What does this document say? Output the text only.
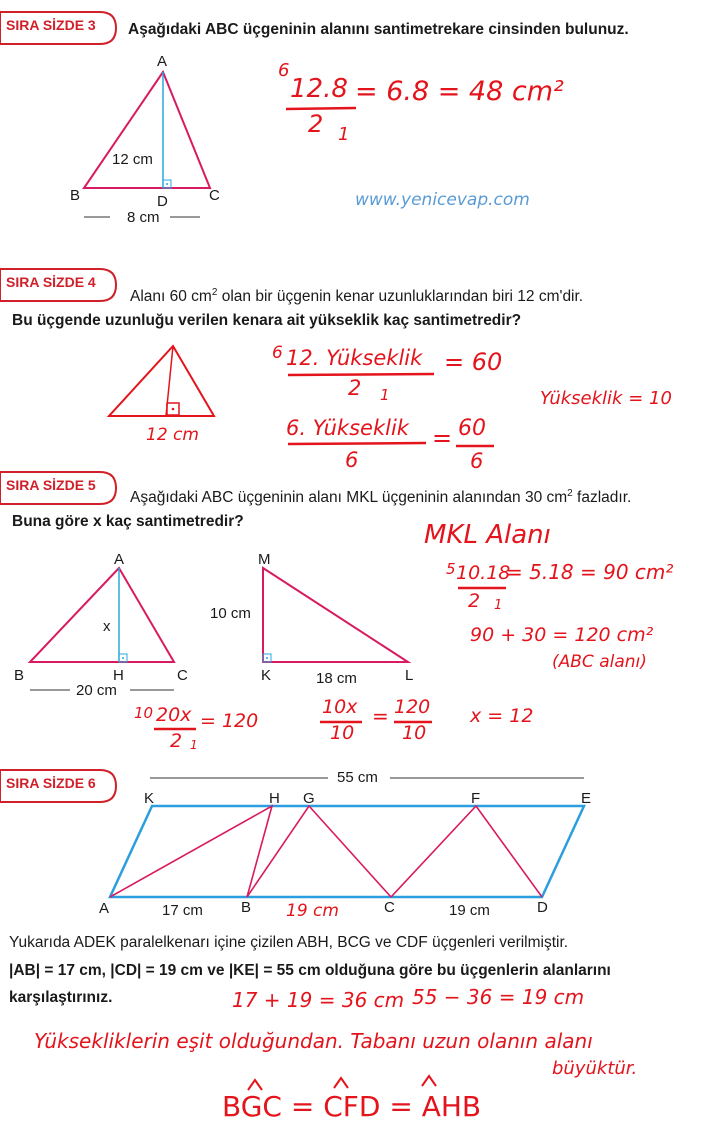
SIRA SİZDE 3 Aşağıdaki ABC üçgeninin alanını santimetrekare cinsinden bulunuz.
A
B	C
D
12 cm
8 cm
6
12.8
2 1
= 6.8 = 48 cm²
www.yenicevap.com
SIRA SİZDE 4
Alanı 60 $cm^2$ olan bir üçgenin kenar uzunluklarından biri 12 cm'dir.
Bu üçgende uzunluğu verilen kenara ait yükseklik kaç santimetredir?
12 cm
6 12. Yükseklik
2 1
= 60
6. Yükseklik
6
= 60
6
Yükseklik = 10
SIRA SİZDE 5
Aşağıdaki ABC üçgeninin alanı MKL üçgeninin alanından 30 $cm^2$ fazladır.
Buna göre x kaç santimetredir?
A
B	H	C
x
20 cm
M
K	L
10 cm
18 cm
MKL Alanı
5 10.18
2 1
= 5.18 = 90 cm²
90 + 30 = 120 cm²
(ABC alanı)
10 20x
2 1
= 120
10x
10
= 120
10
x = 12
SIRA SİZDE 6	55 cm
K	H G	F	E
A	B	C	D
17 cm	19 cm
19 cm
Yukarıda ADEK paralelkenarı içine çizilen ABH, BCG ve CDF üçgenleri verilmiştir.
|AB| = 17 cm, |CD| = 19 cm ve |KE| = 55 cm olduğuna göre bu üçgenlerin alanlarını
karşılaştırınız.	17 + 19 = 36 cm 55 − 36 = 19 cm
Yüksekliklerin eşit olduğundan. Tabanı uzun olanın alanı
büyüktür.
BGC = CFD = AHB
